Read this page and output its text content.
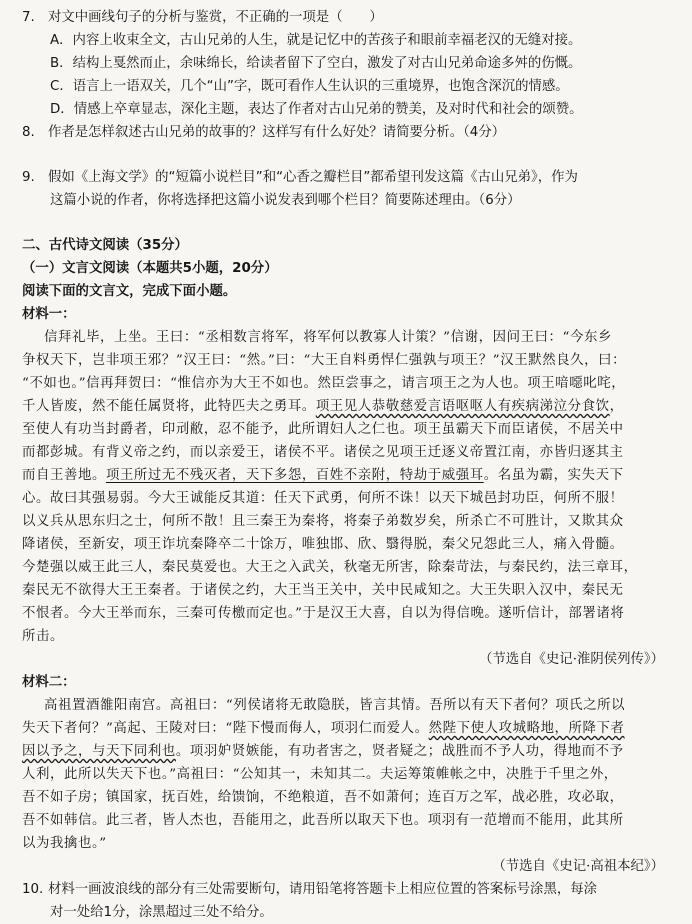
7. 对文中画线句子的分析与鉴赏，不正确的一项是（　　）
A．内容上收束全文，古山兄弟的人生，就是记忆中的苦孩子和眼前幸福老汉的无缝对接。
B．结构上戛然而止，余味绵长，给读者留下了空白，激发了对古山兄弟命途多舛的伤慨。
C．语言上一语双关，几个“山”字，既可看作人生认识的三重境界，也饱含深沉的情感。
D．情感上卒章显志，深化主题，表达了作者对古山兄弟的赞美，及对时代和社会的颂赞。
8. 作者是怎样叙述古山兄弟的故事的？这样写有什么好处？请简要分析。（4分）
9. 假如《上海文学》的“短篇小说栏目”和“心香之瓣栏目”都希望刊发这篇《古山兄弟》，作为
这篇小说的作者，你将选择把这篇小说发表到哪个栏目？简要陈述理由。（6分）
二、古代诗文阅读（35分）
（一）文言文阅读（本题共5小题，20分）
阅读下面的文言文，完成下面小题。
材料一：
信拜礼毕，上坐。王曰：“丞相数言将军，将军何以教寡人计策？”信谢，因问王曰：“今东乡
争权天下，岂非项王邪？”汉王曰：“然。”曰：“大王自料勇悍仁强孰与项王？”汉王默然良久，曰：
“不如也。”信再拜贺曰：“惟信亦为大王不如也。然臣尝事之，请言项王之为人也。项王喑噁叱咤，
千人皆废，然不能任属贤将，此特匹夫之勇耳。项王见人恭敬慈爱言语呕呕人有疾病涕泣分食饮，
至使人有功当封爵者，印刓敝，忍不能予，此所谓妇人之仁也。项王虽霸天下而臣诸侯，不居关中
而都彭城。有背义帝之约，而以亲爱王，诸侯不平。诸侯之见项王迁逐义帝置江南，亦皆归逐其主
而自王善地。项王所过无不残灭者，天下多怨，百姓不亲附，特劫于威强耳。名虽为霸，实失天下
心。故曰其强易弱。今大王诚能反其道：任天下武勇，何所不诛！以天下城邑封功臣，何所不服！
以义兵从思东归之士，何所不散！且三秦王为秦将，将秦子弟数岁矣，所杀亡不可胜计，又欺其众
降诸侯，至新安，项王诈坑秦降卒二十馀万，唯独邯、欣、翳得脱，秦父兄怨此三人，痛入骨髓。
今楚强以威王此三人，秦民莫爱也。大王之入武关，秋毫无所害，除秦苛法，与秦民约，法三章耳，
秦民无不欲得大王王秦者。于诸侯之约，大王当王关中，关中民咸知之。大王失职入汉中，秦民无
不恨者。今大王举而东，三秦可传檄而定也。”于是汉王大喜，自以为得信晚。遂听信计，部署诸将
所击。
（节选自《史记·淮阴侯列传》）
材料二：
高祖置酒雒阳南宫。高祖曰：“列侯诸将无敢隐朕，皆言其情。吾所以有天下者何？项氏之所以
失天下者何？”高起、王陵对曰：“陛下慢而侮人，项羽仁而爱人。然陛下使人攻城略地，所降下者
因以予之，与天下同利也。项羽妒贤嫉能，有功者害之，贤者疑之；战胜而不予人功，得地而不予
人利，此所以失天下也。”高祖曰：“公知其一，未知其二。夫运筹策帷帐之中，决胜于千里之外，
吾不如子房；镇国家，抚百姓，给馈饷，不绝粮道，吾不如萧何；连百万之军，战必胜，攻必取，
吾不如韩信。此三者，皆人杰也，吾能用之，此吾所以取天下也。项羽有一范增而不能用，此其所
以为我擒也。”
（节选自《史记·高祖本纪》）
10. 材料一画波浪线的部分有三处需要断句，请用铅笔将答题卡上相应位置的答案标号涂黑，每涂
对一处给1分，涂黑超过三处不给分。
